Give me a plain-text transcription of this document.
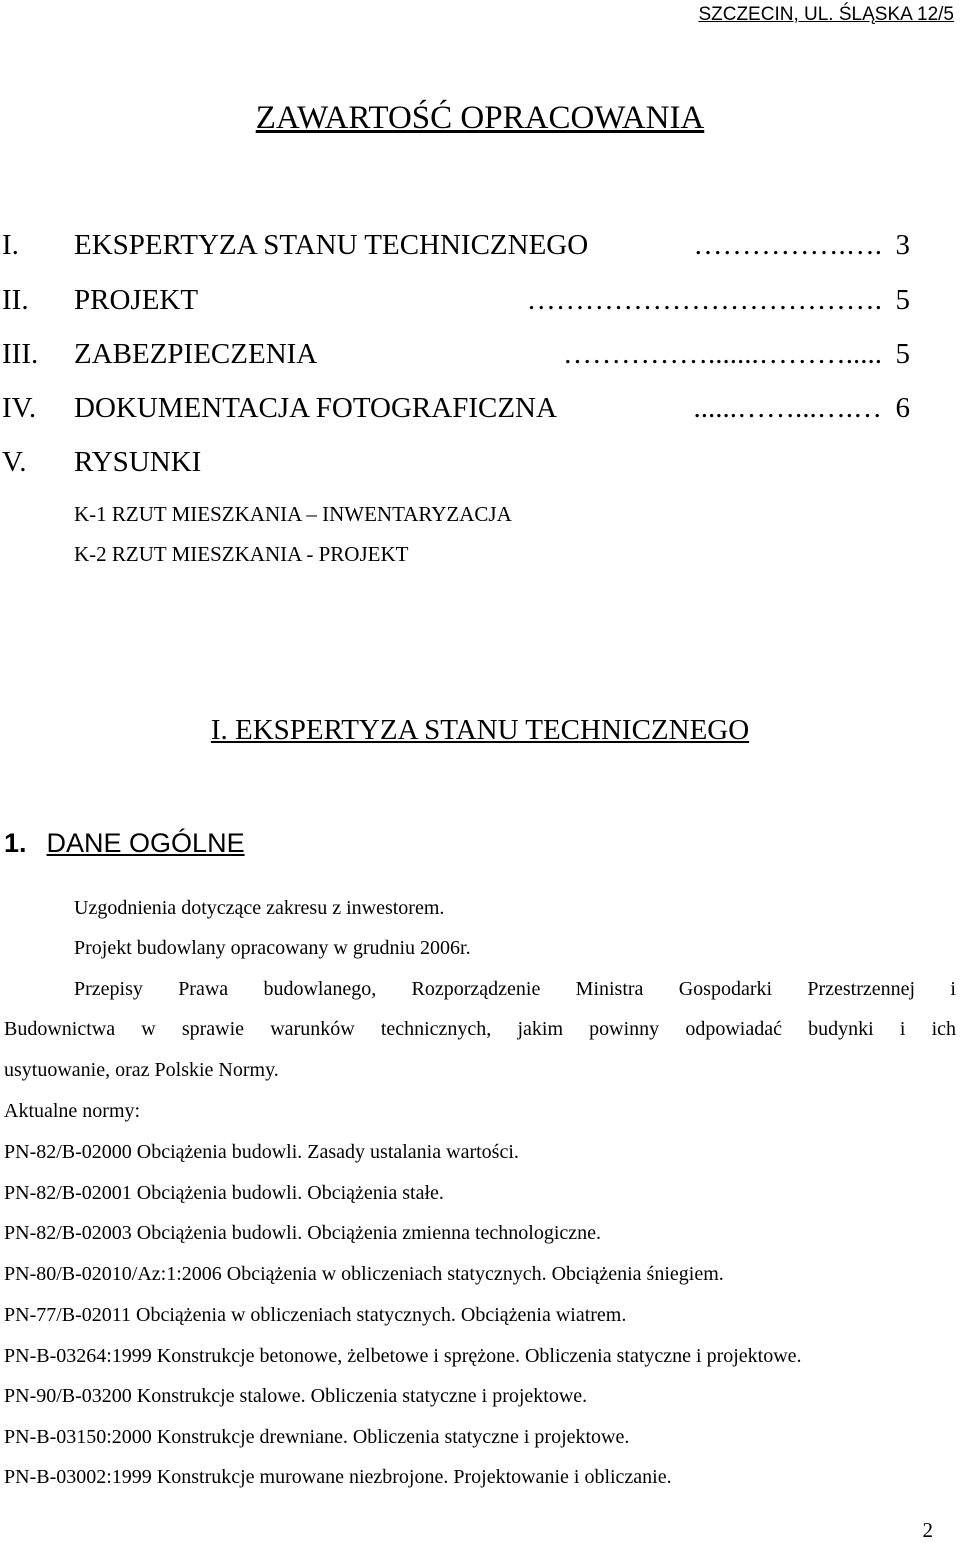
SZCZECIN, UL. ŚLĄSKA 12/5
ZAWARTOŚĆ OPRACOWANIA
I. EKSPERTYZA STANU TECHNICZNEGO	…………….…. 3
II. PROJEKT	………………………………. 5
III. ZABEZPIECZENIA	…………….......………..... 5
IV. DOKUMENTACJA FOTOGRAFICZNA	......……...….… 6
V. RYSUNKI
K-1 RZUT MIESZKANIA – INWENTARYZACJA
K-2 RZUT MIESZKANIA - PROJEKT
I. EKSPERTYZA STANU TECHNICZNEGO
1. DANE OGÓLNE
Uzgodnienia dotyczące zakresu z inwestorem.
Projekt budowlany opracowany w grudniu 2006r.
Przepisy Prawa budowlanego, Rozporządzenie Ministra Gospodarki Przestrzennej i
Budownictwa w sprawie warunków technicznych, jakim powinny odpowiadać budynki i ich
usytuowanie, oraz Polskie Normy.
Aktualne normy:
PN-82/B-02000 Obciążenia budowli. Zasady ustalania wartości.
PN-82/B-02001 Obciążenia budowli. Obciążenia stałe.
PN-82/B-02003 Obciążenia budowli. Obciążenia zmienna technologiczne.
PN-80/B-02010/Az:1:2006 Obciążenia w obliczeniach statycznych. Obciążenia śniegiem.
PN-77/B-02011 Obciążenia w obliczeniach statycznych. Obciążenia wiatrem.
PN-B-03264:1999 Konstrukcje betonowe, żelbetowe i sprężone. Obliczenia statyczne i projektowe.
PN-90/B-03200 Konstrukcje stalowe. Obliczenia statyczne i projektowe.
PN-B-03150:2000 Konstrukcje drewniane. Obliczenia statyczne i projektowe.
PN-B-03002:1999 Konstrukcje murowane niezbrojone. Projektowanie i obliczanie.
2
